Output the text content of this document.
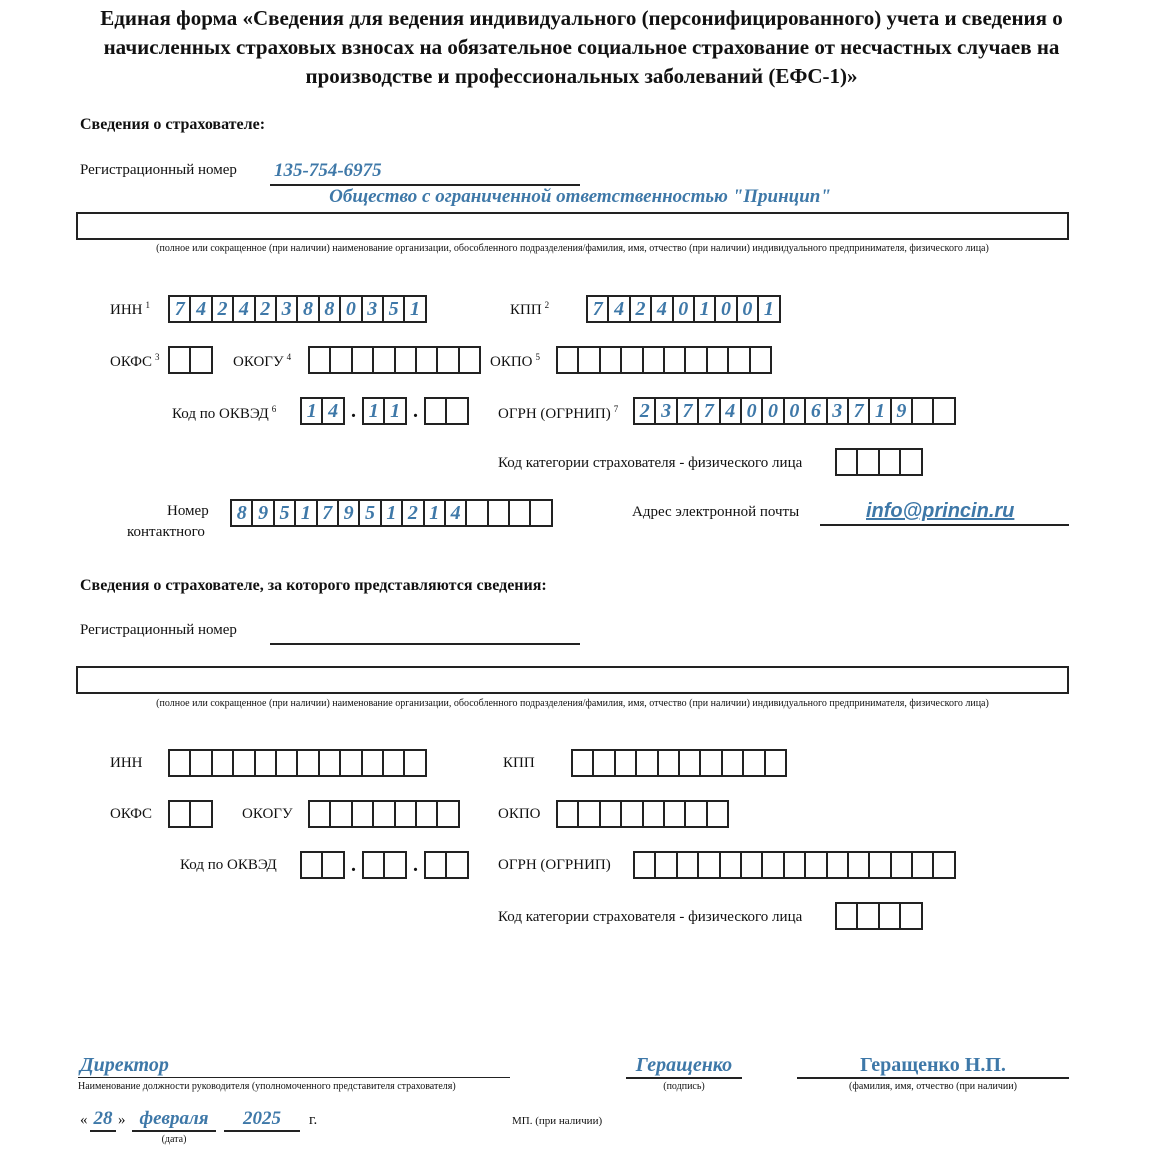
Единая форма «Сведения для ведения индивидуального (персонифицированного) учета и сведения о начисленных страховых взносах на обязательное социальное страхование от несчастных случаев на производстве и профессиональных заболеваний (ЕФС-1)»
Сведения о страхователе:
Регистрационный номер 135-754-6975
Общество с ограниченной ответственностью "Принцип"
(полное или сокращенное (при наличии) наименование организации, обособленного подразделения/фамилия, имя, отчество (при наличии) индивидуального предпринимателя, физического лица)
ИНН $^1$	7 4 2 4 2 3 8 8 0 3 5 1	КПП $^2$	7 4 2 4 0 1 0 0 1
ОКФС $^3$	ОКОГУ $^4$	ОКПО $^5$
Код по ОКВЭД $^6$	1 4 . 1 1 .	ОГРН (ОГРНИП) $^7$	2 3 7 7 4 0 0 0 6 3 7 1 9
Код категории страхователя - физического лица
Номер
контактного
8 9 5 1 7 9 5 1 2 1 4	Адрес электронной почты	info@princin.ru
Сведения о страхователе, за которого представляются сведения:
Регистрационный номер
(полное или сокращенное (при наличии) наименование организации, обособленного подразделения/фамилия, имя, отчество (при наличии) индивидуального предпринимателя, физического лица)
ИНН	КПП
ОКФС	ОКОГУ	ОКПО
Код по ОКВЭД	.	.	ОГРН (ОГРНИП)
Код категории страхователя - физического лица
Директор
Наименование должности руководителя (уполномоченного представителя страхователя)
Геращенко
(подпись)
Геращенко Н.П.
(фамилия, имя, отчество (при наличии)
« 28 » февраля	2025	г.
(дата)
МП. (при наличии)
